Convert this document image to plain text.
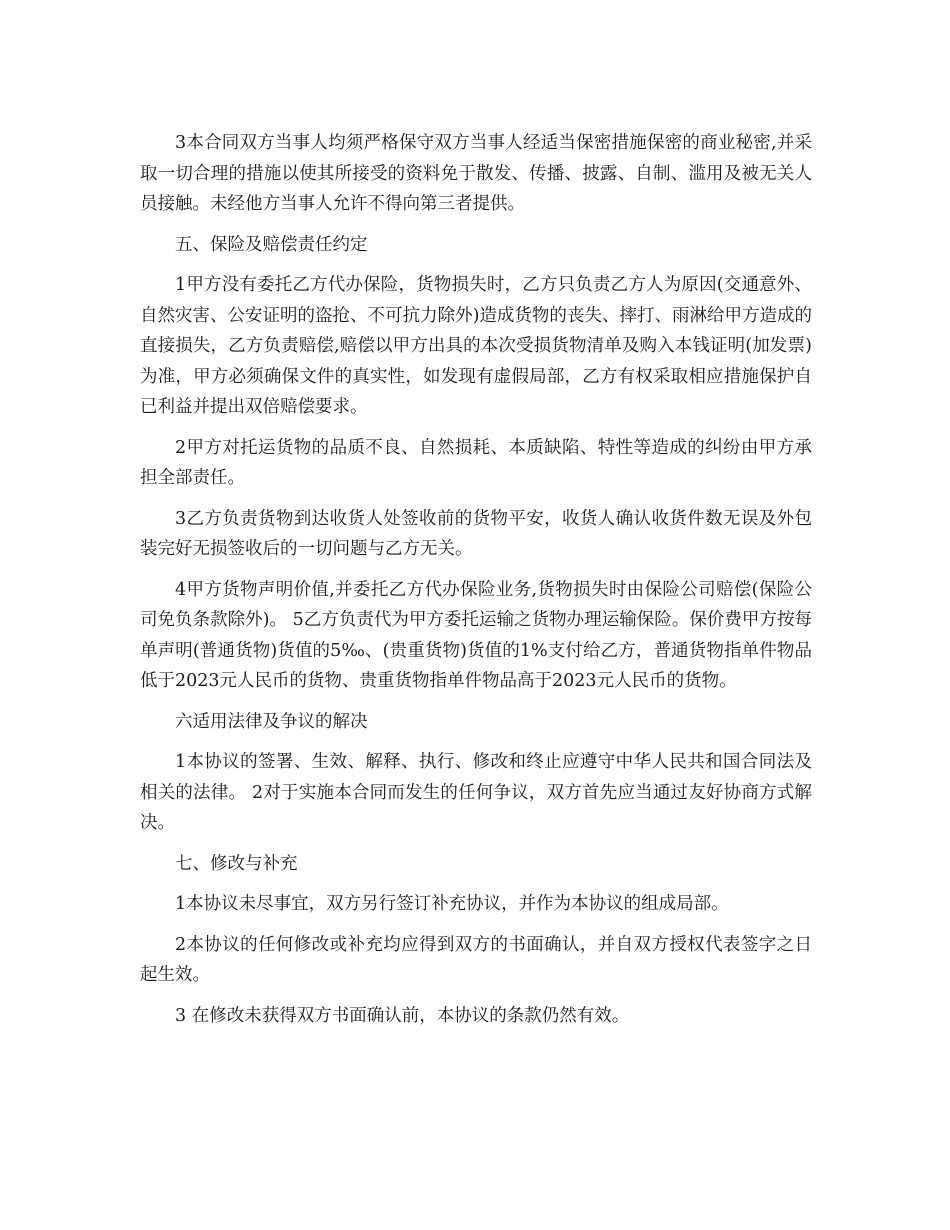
3本合同双方当事人均须严格保守双方当事人经适当保密措施保密的商业秘密,并采取一切合理的措施以使其所接受的资料免于散发、传播、披露、自制、滥用及被无关人员接触。未经他方当事人允许不得向第三者提供。

五、保险及赔偿责任约定

1甲方没有委托乙方代办保险，货物损失时，乙方只负责乙方人为原因(交通意外、自然灾害、公安证明的盗抢、不可抗力除外)造成货物的丧失、摔打、雨淋给甲方造成的直接损失，乙方负责赔偿,赔偿以甲方出具的本次受损货物清单及购入本钱证明(加发票)为准，甲方必须确保文件的真实性，如发现有虚假局部，乙方有权采取相应措施保护自已利益并提出双倍赔偿要求。

2甲方对托运货物的品质不良、自然损耗、本质缺陷、特性等造成的纠纷由甲方承担全部责任。

3乙方负责货物到达收货人处签收前的货物平安，收货人确认收货件数无误及外包装完好无损签收后的一切问题与乙方无关。

4甲方货物声明价值,并委托乙方代办保险业务,货物损失时由保险公司赔偿(保险公司免负条款除外)。 5乙方负责代为甲方委托运输之货物办理运输保险。保价费甲方按每单声明(普通货物)货值的5‰、(贵重货物)货值的1%支付给乙方，普通货物指单件物品低于2023元人民币的货物、贵重货物指单件物品高于2023元人民币的货物。

六适用法律及争议的解决

1本协议的签署、生效、解释、执行、修改和终止应遵守中华人民共和国合同法及相关的法律。 2对于实施本合同而发生的任何争议，双方首先应当通过友好协商方式解决。

七、修改与补充

1本协议未尽事宜，双方另行签订补充协议，并作为本协议的组成局部。

2本协议的任何修改或补充均应得到双方的书面确认，并自双方授权代表签字之日起生效。

3 在修改未获得双方书面确认前，本协议的条款仍然有效。
